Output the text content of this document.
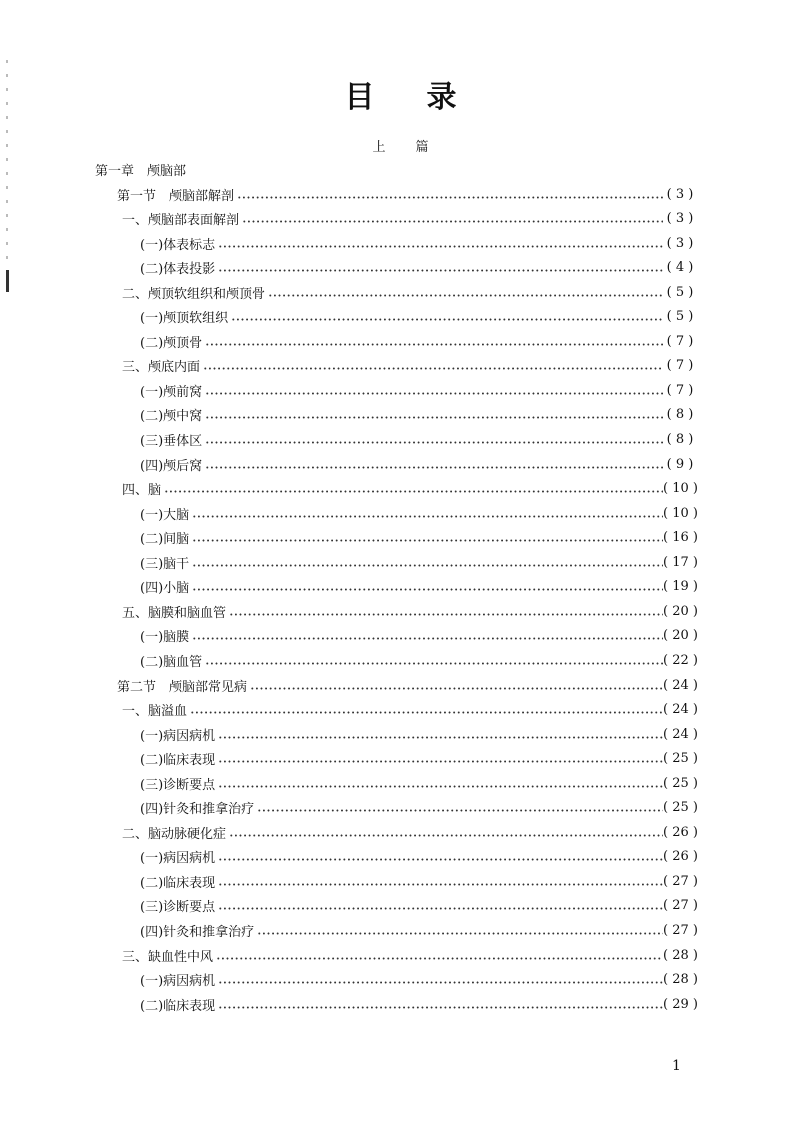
目录
上篇
第一章　颅脑部
第一节　颅脑部解剖	( 3 )
一、颅脑部表面解剖	( 3 )
(一)体表标志	( 3 )
(二)体表投影	( 4 )
二、颅顶软组织和颅顶骨	( 5 )
(一)颅顶软组织	( 5 )
(二)颅顶骨	( 7 )
三、颅底内面	( 7 )
(一)颅前窝	( 7 )
(二)颅中窝	( 8 )
(三)垂体区	( 8 )
(四)颅后窝	( 9 )
四、脑	( 10 )
(一)大脑	( 10 )
(二)间脑	( 16 )
(三)脑干	( 17 )
(四)小脑	( 19 )
五、脑膜和脑血管	( 20 )
(一)脑膜	( 20 )
(二)脑血管	( 22 )
第二节　颅脑部常见病	( 24 )
一、脑溢血	( 24 )
(一)病因病机	( 24 )
(二)临床表现	( 25 )
(三)诊断要点	( 25 )
(四)针灸和推拿治疗	( 25 )
二、脑动脉硬化症	( 26 )
(一)病因病机	( 26 )
(二)临床表现	( 27 )
(三)诊断要点	( 27 )
(四)针灸和推拿治疗	( 27 )
三、缺血性中风	( 28 )
(一)病因病机	( 28 )
(二)临床表现	( 29 )
1
